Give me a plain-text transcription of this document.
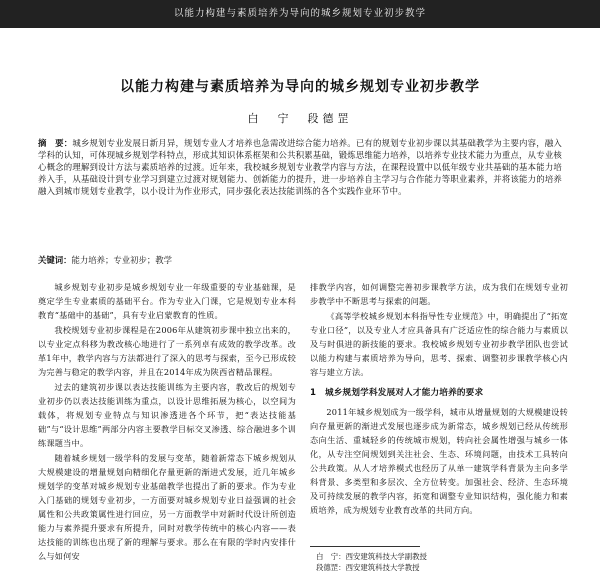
以能力构建与素质培养为导向的城乡规划专业初步教学
以能力构建与素质培养为导向的城乡规划专业初步教学
白　宁　段德罡
摘　要：城乡规划专业发展日新月异，规划专业人才培养也急需改进综合能力培养。已有的规划专业初步课以其基础教学为主要内容，融入学科的认知，可体现城乡规划学科特点，形成其知识体系框架和公共积累基础，锻炼思维能力培养，以培养专业技术能力为重点，从专业核心概念的理解到设计方法与素质培养的过渡。近年来，我校城乡规划专业教学内容与方法，在课程设置中以低年级专业共基础的基本能力培养入手，从基础设计到专业学习到建立过渡对规划能力、创新能力的提升，进一步培养自主学习与合作能力等职业素养，并将该能力的培养融入到城市规划专业教学，以小设计为作业形式，同步强化表达技能训练的各个实践作业环节中。
关键词：能力培养；专业初步；教学

城乡规划专业初步是城乡规划专业一年级重要的专业基础课，是奠定学生专业素质的基础平台。作为专业入门课，它是规划专业本科教育“基础中的基础”，具有专业启蒙教育的性质。

我校规划专业初步课程是在2006年从建筑初步课中独立出来的，以专业定点科移为教改核心地进行了一系列卓有成效的教学改革。改革1年中，教学内容与方法都进行了深入的思考与探索，至今已形成较为完善与稳定的教学内容，并且在2014年成为陕西省精品课程。

过去的建筑初步课以表达技能训练为主要内容，教改后的规划专业初步仍以表达技能训练为重点，以设计思维拓展为核心，以空间为载体，将规划专业特点与知识渗透进各个环节，把“表达技能基础”与“设计思维”两部分内容主要教学目标交叉渗透、综合融进多个训练课题当中。

随着城乡规划一级学科的发展与变革，随着新常态下城乡规划从大规模建设的增量规划向精细化存量更新的渐进式发展，近几年城乡规划学的变革对城乡规划专业基础教学也提出了新的要求。作为专业入门基础的规划专业初步，一方面要对城乡规划专业日益强调的社会属性和公共政策属性进行回应，另一方面教学中对新时代设计所创造能力与素养提升要求有所提升，同时对教学传统中的核心内容——表达技能的训练也出现了新的理解与要求。那么在有限的学时内安排什么与如何安

排教学内容，如何调整完善初步课教学方法，成为我们在规划专业初步教学中不断思考与探索的问题。

《高等学校城乡规划本科指导性专业规范》中，明确提出了“拓宽专业口径”，以及专业人才应具备具有广泛适应性的综合能力与素质以及与时俱进的新技能的要求。我校城乡规划专业初步教学团队也尝试以能力构建与素质培养为导向，思考、探索、调整初步课教学核心内容与建立方法。

1　城乡规划学科发展对人才能力培养的要求

2011年城乡规划成为一级学科，城市从增量规划的大规模建设转向存量更新的渐进式发展也逐步成为新常态，城乡规划已经从传统形态向生活、重城轻乡的传统城市规划，转向社会属性增强与城乡一体化，从专注空间规划到关注社会、生态、环境问题，由技术工具转向公共政策。从人才培养模式也经历了从单一建筑学科背景为主向多学科背景、多类型和多层次、全方位转变。加强社会、经济、生态环境及可持续发展的教学内容，拓宽和调整专业知识结构，强化能力和素质培养，成为规划专业教育改革的共同方向。

白　宁：西安建筑科技大学副教授
段德罡：西安建筑科技大学教授
